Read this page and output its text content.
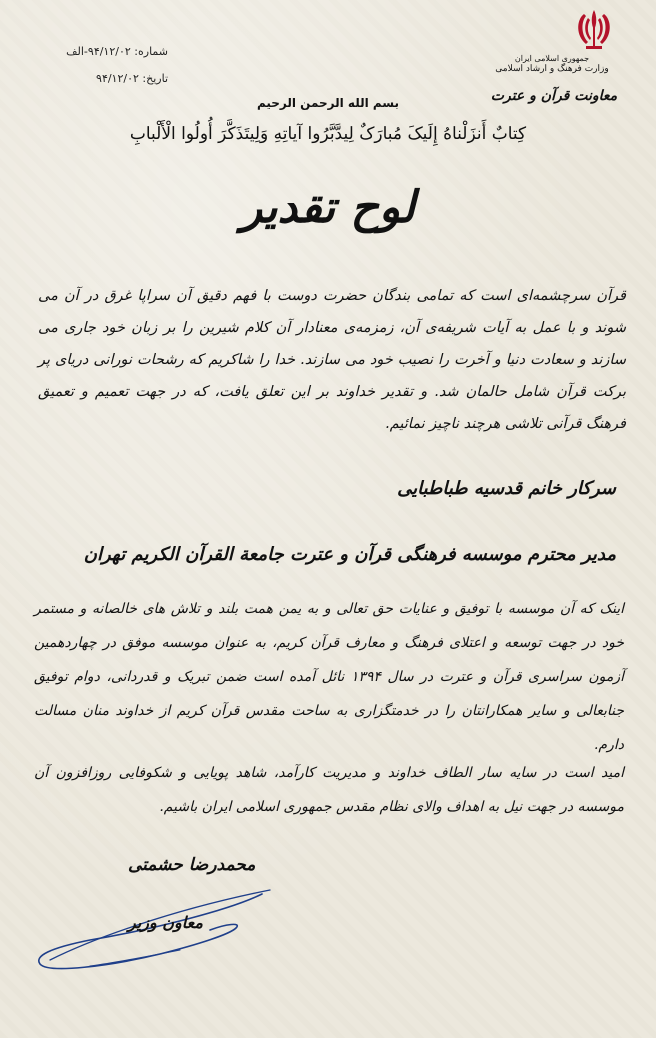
شماره: ۹۴/۱۲/۰۲-الف
تاریخ: ۹۴/۱۲/۰۲
جمهوری اسلامی ایران
وزارت فرهنگ و ارشاد اسلامی
معاونت قرآن و عترت
بسم الله الرحمن الرحیم
کِتابٌ أَنزَلْناهُ إِلَیکَ مُبارَکٌ لِیدَّبَّرُوا آیاتِهِ وَلِیتَذَکَّرَ أُولُوا الْأَلْبابِ
لوح تقدیر
قرآن سرچشمه‌ای است که تمامی بندگان حضرت دوست با فهم دقیق آن سراپا غرق در آن می شوند و با عمل به آیات شریفه‌ی آن، زمزمه‌ی معنادار آن کلام شیرین را بر زبان خود جاری می سازند و سعادت دنیا و آخرت را نصیب خود می سازند. خدا را شاکریم که رشحات نورانی دریای پر برکت قرآن شامل حالمان شد. و تقدیر خداوند بر این تعلق یافت، که در جهت تعمیم و تعمیق فرهنگ قرآنی تلاشی هرچند ناچیز نمائیم.
سرکار خانم قدسیه طباطبایی
مدیر محترم موسسه فرهنگی قرآن و عترت جامعة القرآن الکریم تهران
اینک که آن موسسه با توفیق و عنایات حق تعالی و به یمن همت بلند و تلاش های خالصانه و مستمر خود در جهت توسعه و اعتلای فرهنگ و معارف قرآن کریم، به عنوان موسسه موفق در چهاردهمین آزمون سراسری قرآن و عترت در سال ۱۳۹۴ نائل آمده است ضمن تبریک و قدردانی، دوام توفیق جنابعالی و سایر همکارانتان را در خدمتگزاری به ساحت مقدس قرآن کریم از خداوند منان مسالت دارم.
امید است در سایه سار الطاف خداوند و مدیریت کارآمد، شاهد پویایی و شکوفایی روزافزون آن موسسه در جهت نیل به اهداف والای نظام مقدس جمهوری اسلامی ایران باشیم.
محمدرضا حشمتی
معاون وزیر
